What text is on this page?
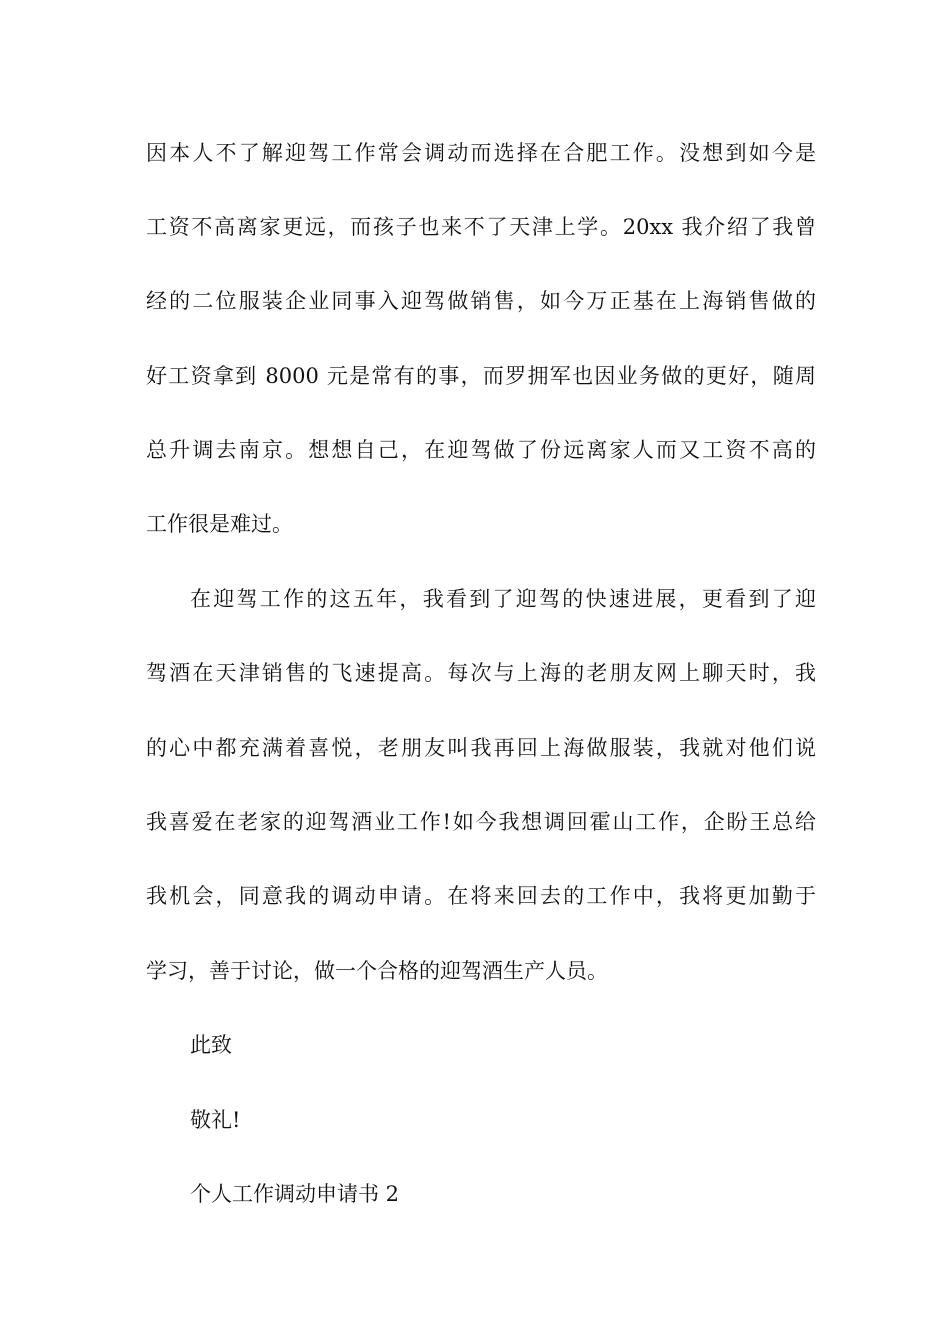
因本人不了解迎驾工作常会调动而选择在合肥工作。没想到如今是
工资不高离家更远，而孩子也来不了天津上学。20xx 我介绍了我曾
经的二位服装企业同事入迎驾做销售，如今万正基在上海销售做的
好工资拿到 8000 元是常有的事，而罗拥军也因业务做的更好，随周
总升调去南京。想想自己，在迎驾做了份远离家人而又工资不高的
工作很是难过。
在迎驾工作的这五年，我看到了迎驾的快速进展，更看到了迎
驾酒在天津销售的飞速提高。每次与上海的老朋友网上聊天时，我
的心中都充满着喜悦，老朋友叫我再回上海做服装，我就对他们说
我喜爱在老家的迎驾酒业工作!如今我想调回霍山工作，企盼王总给
我机会，同意我的调动申请。在将来回去的工作中，我将更加勤于
学习，善于讨论，做一个合格的迎驾酒生产人员。
此致
敬礼!
个人工作调动申请书 2
